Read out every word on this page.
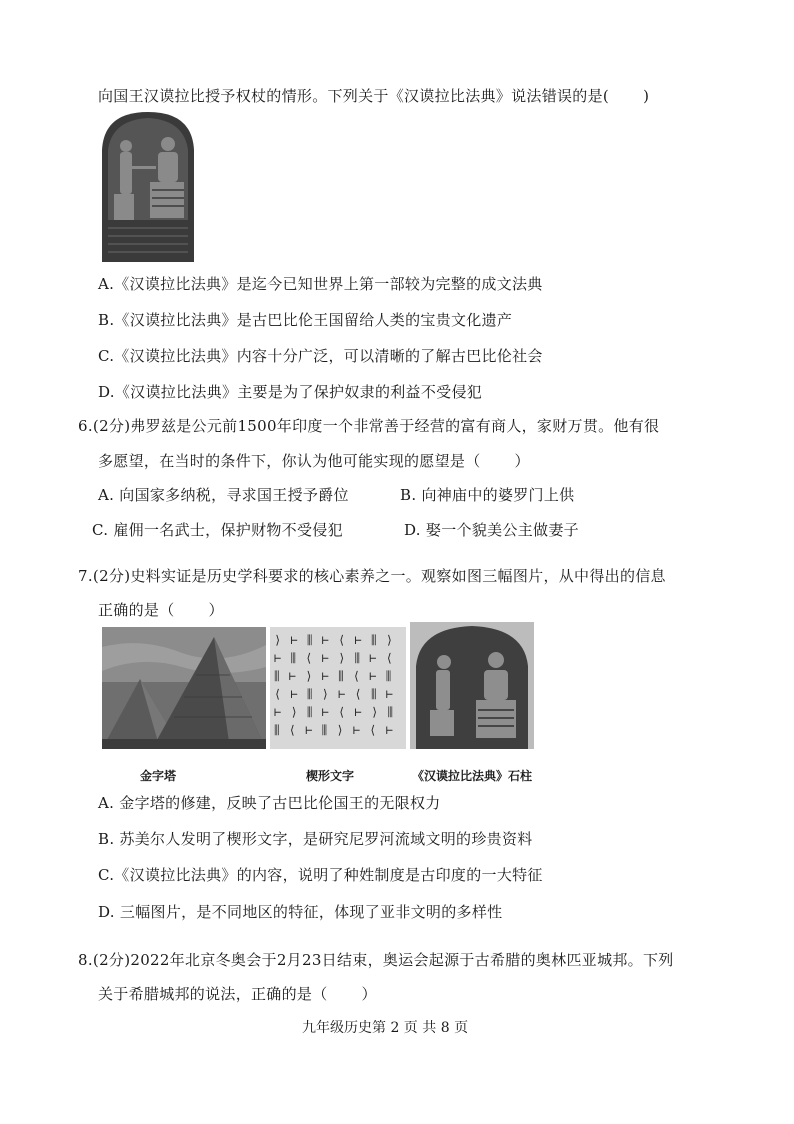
向国王汉谟拉比授予权杖的情形。下列关于《汉谟拉比法典》说法错误的是( )
A.《汉谟拉比法典》是迄今已知世界上第一部较为完整的成文法典
B.《汉谟拉比法典》是古巴比伦王国留给人类的宝贵文化遗产
C.《汉谟拉比法典》内容十分广泛，可以清晰的了解古巴比伦社会
D.《汉谟拉比法典》主要是为了保护奴隶的利益不受侵犯
6.(2分)弗罗兹是公元前1500年印度一个非常善于经营的富有商人，家财万贯。他有很
多愿望，在当时的条件下，你认为他可能实现的愿望是（ ）
A. 向国家多纳税，寻求国王授予爵位	B. 向神庙中的婆罗门上供
C. 雇佣一名武士，保护财物不受侵犯	D. 娶一个貌美公主做妻子
7.(2分)史料实证是历史学科要求的核心素养之一。观察如图三幅图片，从中得出的信息
正确的是（ ）
⟩ ⊢ ⫼ ⊢ ⟨ ⊢ ⫼ ⟩
⊢ ⫼ ⟨ ⊢ ⟩ ⫼ ⊢ ⟨
⫼ ⊢ ⟩ ⊢ ⫼ ⟨ ⊢ ⫼
⟨ ⊢ ⫼ ⟩ ⊢ ⟨ ⫼ ⊢
⊢ ⟩ ⫼ ⊢ ⟨ ⊢ ⟩ ⫼
⫼ ⟨ ⊢ ⫼ ⟩ ⊢ ⟨ ⊢
金字塔	楔形文字	《汉谟拉比法典》石柱
A. 金字塔的修建，反映了古巴比伦国王的无限权力
B. 苏美尔人发明了楔形文字，是研究尼罗河流域文明的珍贵资料
C.《汉谟拉比法典》的内容，说明了种姓制度是古印度的一大特征
D. 三幅图片，是不同地区的特征，体现了亚非文明的多样性
8.(2分)2022年北京冬奥会于2月23日结束，奥运会起源于古希腊的奥林匹亚城邦。下列
关于希腊城邦的说法，正确的是（ ）
九年级历史第 2 页 共 8 页
